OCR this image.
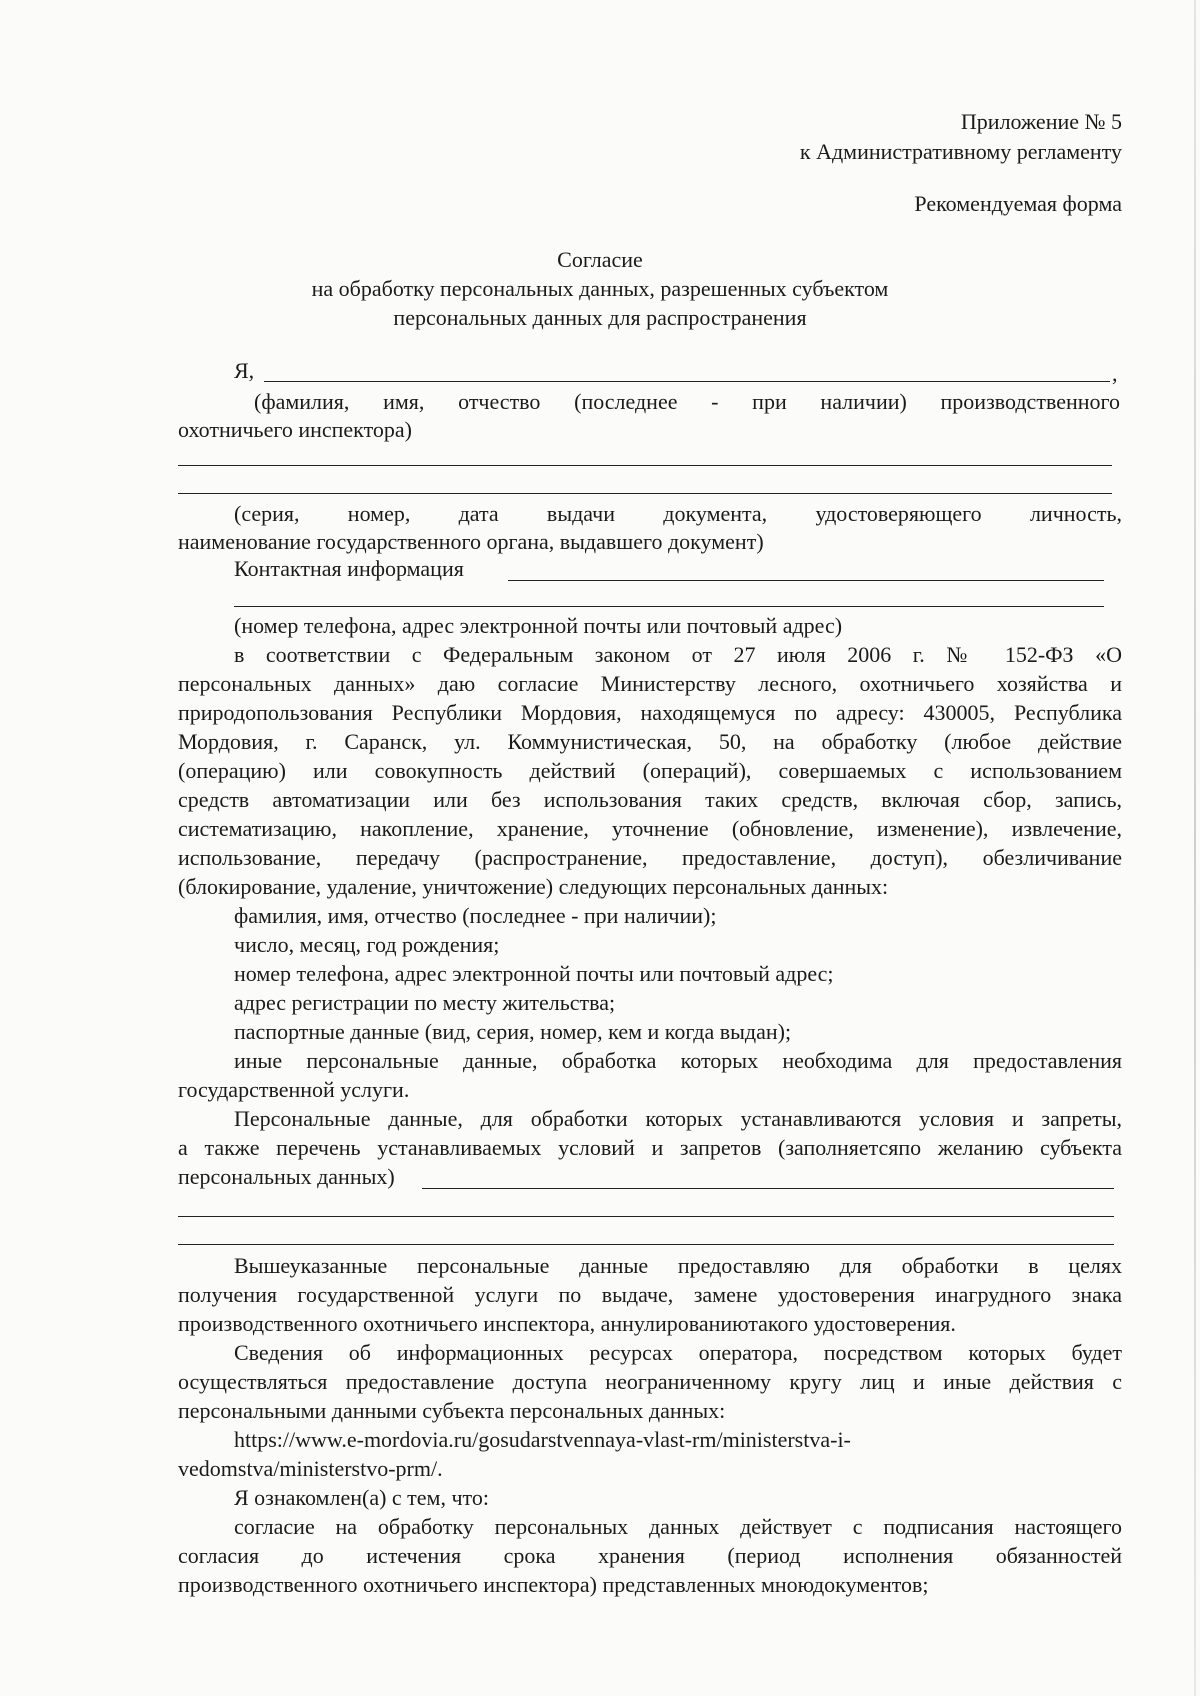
Приложение № 5
к Административному регламенту
Рекомендуемая форма
Согласие
на обработку персональных данных, разрешенных субъектом
персональных данных для распространения
Я,	,
(фамилия, имя, отчество (последнее - при наличии) производственного
охотничьего инспектора)
(серия, номер, дата выдачи документа, удостоверяющего личность,
наименование государственного органа, выдавшего документ)
Контактная информация
(номер телефона, адрес электронной почты или почтовый адрес)
в соответствии с Федеральным законом от 27 июля 2006 г. № 152-ФЗ «О
персональных данных» даю согласие Министерству лесного, охотничьего хозяйства и
природопользования Республики Мордовия, находящемуся по адресу: 430005, Республика
Мордовия, г. Саранск, ул. Коммунистическая, 50, на обработку (любое действие
(операцию) или совокупность действий (операций), совершаемых с использованием
средств автоматизации или без использования таких средств, включая сбор, запись,
систематизацию, накопление, хранение, уточнение (обновление, изменение), извлечение,
использование, передачу (распространение, предоставление, доступ), обезличивание
(блокирование, удаление, уничтожение) следующих персональных данных:
фамилия, имя, отчество (последнее - при наличии);
число, месяц, год рождения;
номер телефона, адрес электронной почты или почтовый адрес;
адрес регистрации по месту жительства;
паспортные данные (вид, серия, номер, кем и когда выдан);
иные персональные данные, обработка которых необходима для предоставления
государственной услуги.
Персональные данные, для обработки которых устанавливаются условия и запреты,
а также перечень устанавливаемых условий и запретов (заполняетсяпо желанию субъекта
персональных данных)
Вышеуказанные персональные данные предоставляю для обработки в целях
получения государственной услуги по выдаче, замене удостоверения инагрудного знака
производственного охотничьего инспектора, аннулированиютакого удостоверения.
Сведения об информационных ресурсах оператора, посредством которых будет
осуществляться предоставление доступа неограниченному кругу лиц и иные действия с
персональными данными субъекта персональных данных:
https://www.e-mordovia.ru/gosudarstvennaya-vlast-rm/ministerstva-i-
vedomstva/ministerstvo-prm/.
Я ознакомлен(а) с тем, что:
согласие на обработку персональных данных действует с подписания настоящего
согласия до истечения срока хранения (период исполнения обязанностей
производственного охотничьего инспектора) представленных мноюдокументов;
